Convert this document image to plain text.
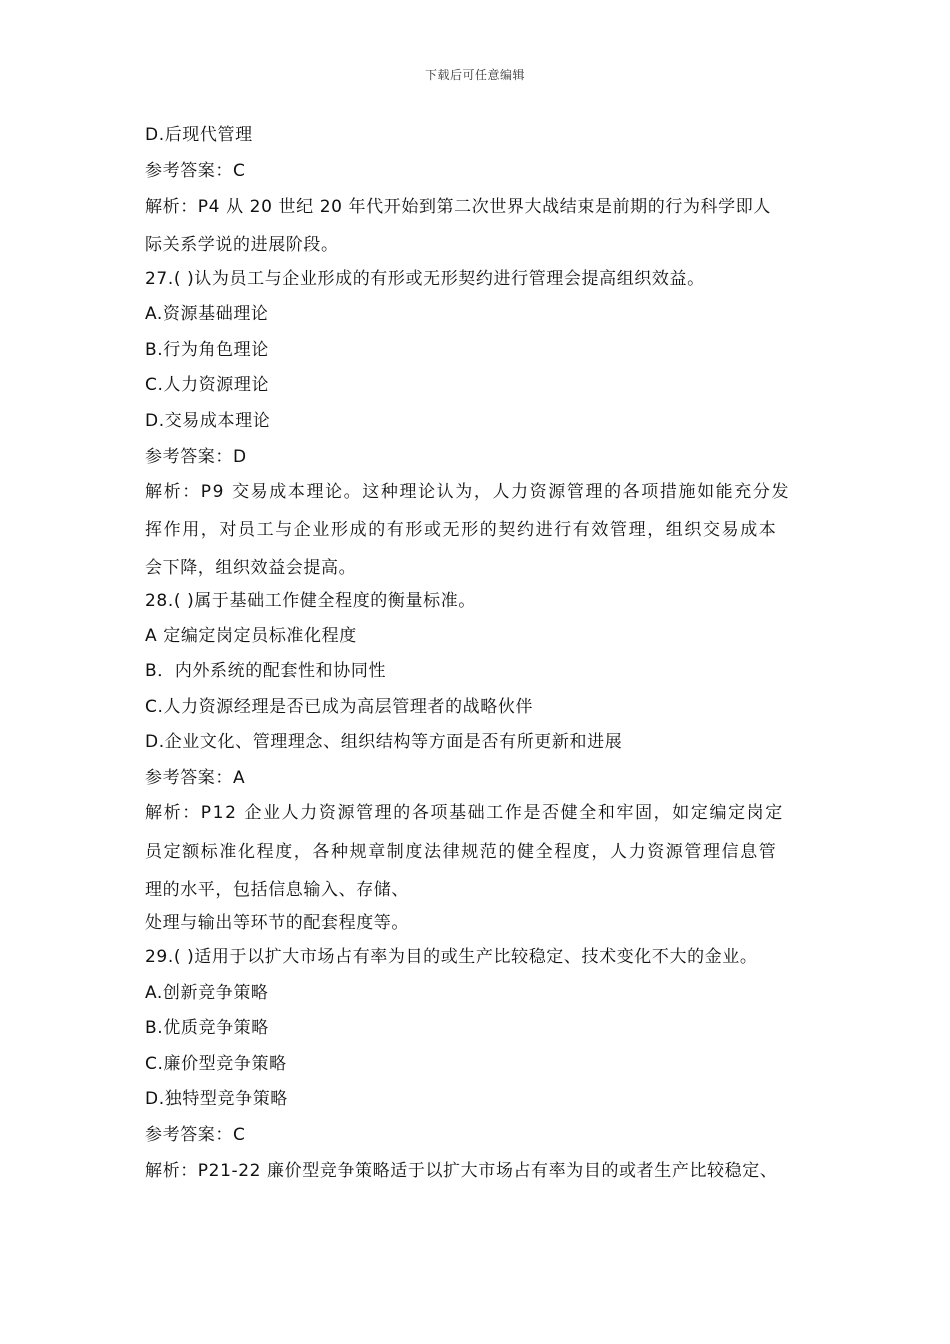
下载后可任意编辑
D.后现代管理
参考答案：C
解析：P4 从 20 世纪 20 年代开始到第二次世界大战结束是前期的行为科学即人
际关系学说的进展阶段。
27.( )认为员工与企业形成的有形或无形契约进行管理会提高组织效益。
A.资源基础理论
B.行为角色理论
C.人力资源理论
D.交易成本理论
参考答案：D
解析：P9 交易成本理论。这种理论认为，人力资源管理的各项措施如能充分发
挥作用，对员工与企业形成的有形或无形的契约进行有效管理，组织交易成本
会下降，组织效益会提高。
28.( )属于基础工作健全程度的衡量标准。
A 定编定岗定员标准化程度
B．内外系统的配套性和协同性
C.人力资源经理是否已成为高层管理者的战略伙伴
D.企业文化、管理理念、组织结构等方面是否有所更新和进展
参考答案：A
解析：P12 企业人力资源管理的各项基础工作是否健全和牢固，如定编定岗定
员定额标准化程度，各种规章制度法律规范的健全程度，人力资源管理信息管
理的水平，包括信息输入、存储、
处理与输出等环节的配套程度等。
29.( )适用于以扩大市场占有率为目的或生产比较稳定、技术变化不大的金业。
A.创新竞争策略
B.优质竞争策略
C.廉价型竞争策略
D.独特型竞争策略
参考答案：C
解析：P21-22 廉价型竞争策略适于以扩大市场占有率为目的或者生产比较稳定、
